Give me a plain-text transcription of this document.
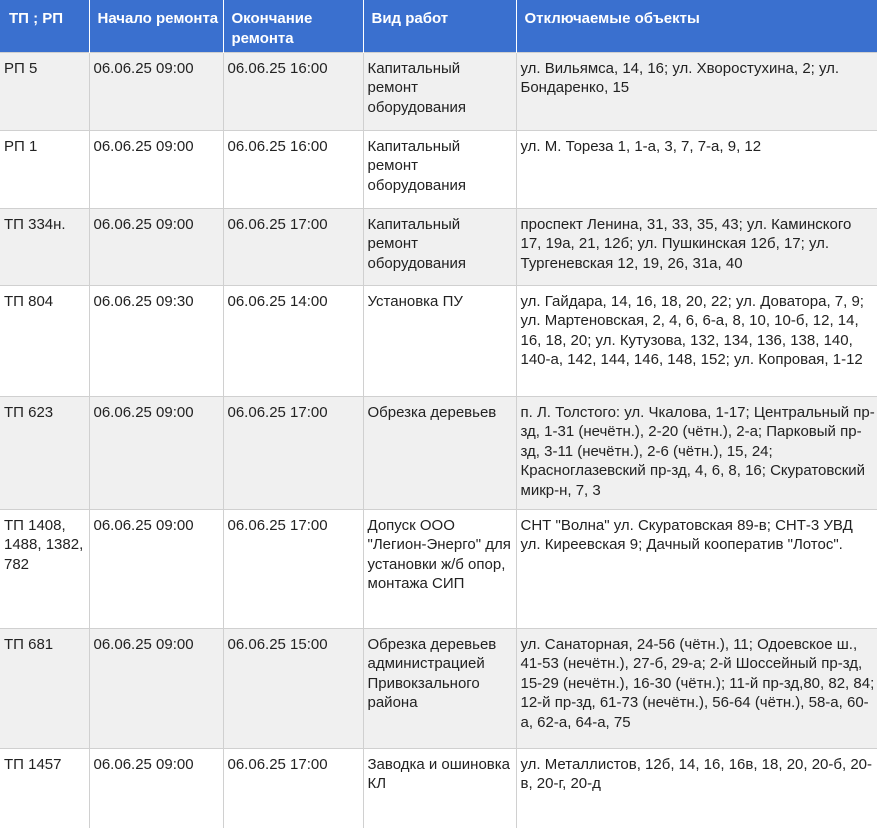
ТП ; РП	Начало ремонта	Окончание ремонта	Вид работ	Отключаемые объекты
РП 5	06.06.25 09:00	06.06.25 16:00	Капитальный ремонт оборудования	ул. Вильямса, 14, 16; ул. Хворостухина, 2; ул. Бондаренко, 15
РП 1	06.06.25 09:00	06.06.25 16:00	Капитальный ремонт оборудования	ул. М. Тореза 1, 1-а, 3, 7, 7-а, 9, 12
ТП 334н.	06.06.25 09:00	06.06.25 17:00	Капитальный ремонт оборудования	проспект Ленина, 31, 33, 35, 43; ул. Каминского 17, 19а, 21, 12б; ул. Пушкинская 12б, 17; ул. Тургеневская 12, 19, 26, 31а, 40
ТП 804	06.06.25 09:30	06.06.25 14:00	Установка ПУ	ул. Гайдара, 14, 16, 18, 20, 22; ул. Доватора, 7, 9; ул. Мартеновская, 2, 4, 6, 6-а, 8, 10, 10-б, 12, 14, 16, 18, 20; ул. Кутузова, 132, 134, 136, 138, 140, 140-а, 142, 144, 146, 148, 152; ул. Копровая, 1-12
ТП 623	06.06.25 09:00	06.06.25 17:00	Обрезка деревьев	п. Л. Толстого: ул. Чкалова, 1-17; Центральный пр-зд, 1-31 (нечётн.), 2-20 (чётн.), 2-а; Парковый пр-зд, 3-11 (нечётн.), 2-6 (чётн.), 15, 24; Красноглазевский пр-зд, 4, 6, 8, 16; Скуратовский микр-н, 7, 3
ТП 1408, 1488, 1382, 782	06.06.25 09:00	06.06.25 17:00	Допуск ООО "Легион-Энерго" для установки ж/б опор, монтажа СИП	СНТ "Волна" ул. Скуратовская 89-в; СНТ-3 УВД ул. Киреевская 9; Дачный кооператив "Лотос".
ТП 681	06.06.25 09:00	06.06.25 15:00	Обрезка деревьев администрацией Привокзального района	ул. Санаторная, 24-56 (чётн.), 11; Одоевское ш., 41-53 (нечётн.), 27-б, 29-а; 2-й Шоссейный пр-зд, 15-29 (нечётн.), 16-30 (чётн.); 11-й пр-зд,80, 82, 84; 12-й пр-зд, 61-73 (нечётн.), 56-64 (чётн.), 58-а, 60-а, 62-а, 64-а, 75
ТП 1457	06.06.25 09:00	06.06.25 17:00	Заводка и ошиновка КЛ	ул. Металлистов, 12б, 14, 16, 16в, 18, 20, 20-б, 20-в, 20-г, 20-д
